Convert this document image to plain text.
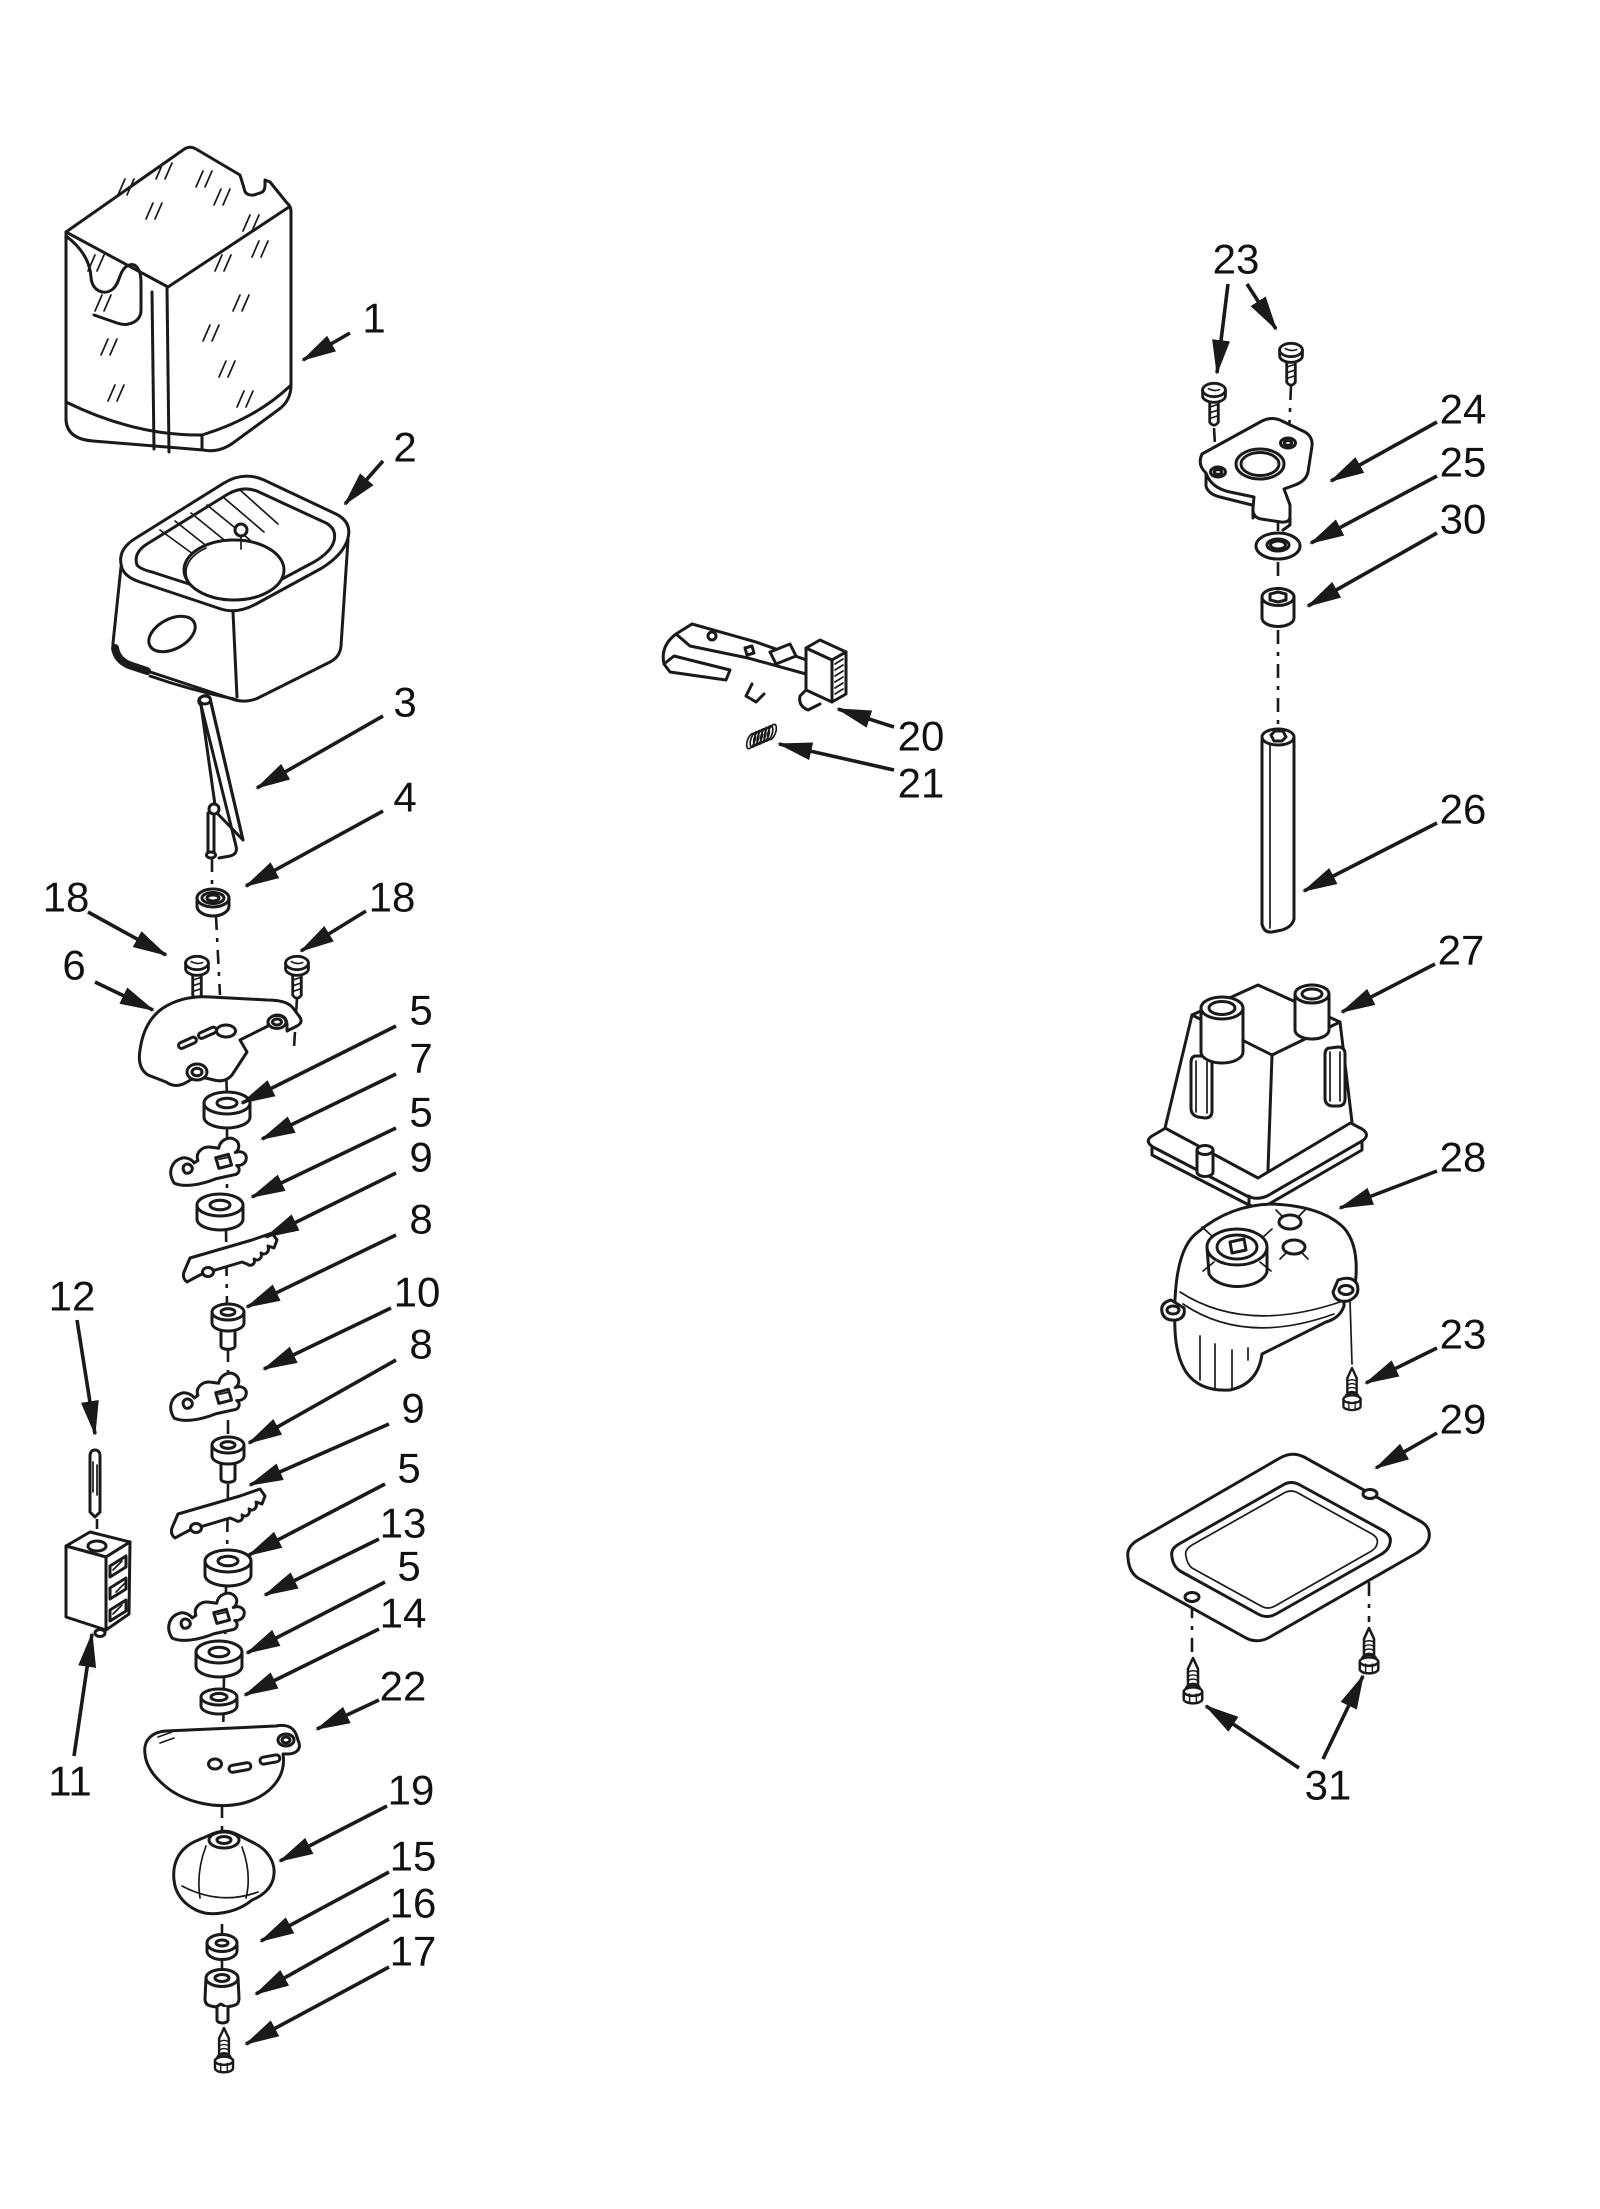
1
2
3
4
18	18
6
5
7
5
9
8
10
8
9
5
13
5
14
22
19
15
16
17
12
11
20
21
23
24
25
30
26
27
28
23
29
31
